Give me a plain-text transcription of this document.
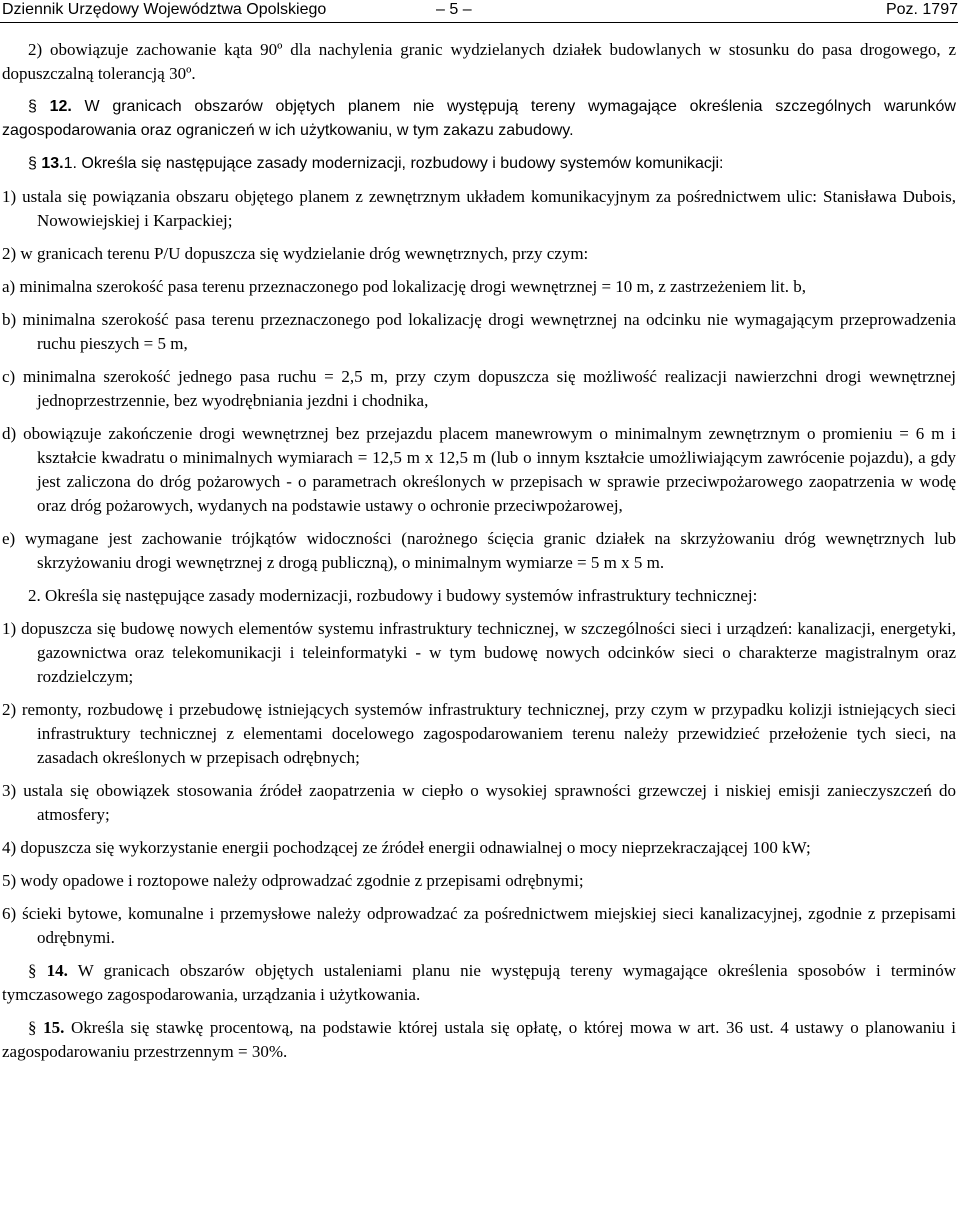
Dziennik Urzędowy Województwa Opolskiego	– 5 –	Poz. 1797

2) obowiązuje zachowanie kąta 90º dla nachylenia granic wydzielanych działek budowlanych w stosunku do pasa drogowego, z dopuszczalną tolerancją 30º.

§ 12. W granicach obszarów objętych planem nie występują tereny wymagające określenia szczególnych warunków zagospodarowania oraz ograniczeń w ich użytkowaniu, w tym zakazu zabudowy.

§ 13.1. Określa się następujące zasady modernizacji, rozbudowy i budowy systemów komunikacji:

1) ustala się powiązania obszaru objętego planem z zewnętrznym układem komunikacyjnym za pośrednictwem ulic: Stanisława Dubois, Nowowiejskiej i Karpackiej;

2) w granicach terenu P/U dopuszcza się wydzielanie dróg wewnętrznych, przy czym:

a) minimalna szerokość pasa terenu przeznaczonego pod lokalizację drogi wewnętrznej = 10 m, z zastrzeżeniem lit. b,

b) minimalna szerokość pasa terenu przeznaczonego pod lokalizację drogi wewnętrznej na odcinku nie wymagającym przeprowadzenia ruchu pieszych = 5 m,

c) minimalna szerokość jednego pasa ruchu = 2,5 m, przy czym dopuszcza się możliwość realizacji nawierzchni drogi wewnętrznej jednoprzestrzennie, bez wyodrębniania jezdni i chodnika,

d) obowiązuje zakończenie drogi wewnętrznej bez przejazdu placem manewrowym o minimalnym zewnętrznym o promieniu = 6 m i kształcie kwadratu o minimalnych wymiarach = 12,5 m x 12,5 m (lub o innym kształcie umożliwiającym zawrócenie pojazdu), a gdy jest zaliczona do dróg pożarowych - o parametrach określonych w przepisach w sprawie przeciwpożarowego zaopatrzenia w wodę oraz dróg pożarowych, wydanych na podstawie ustawy o ochronie przeciwpożarowej,

e) wymagane jest zachowanie trójkątów widoczności (narożnego ścięcia granic działek na skrzyżowaniu dróg wewnętrznych lub skrzyżowaniu drogi wewnętrznej z drogą publiczną), o minimalnym wymiarze = 5 m x 5 m.

2. Określa się następujące zasady modernizacji, rozbudowy i budowy systemów infrastruktury technicznej:

1) dopuszcza się budowę nowych elementów systemu infrastruktury technicznej, w szczególności sieci i urządzeń: kanalizacji, energetyki, gazownictwa oraz telekomunikacji i teleinformatyki - w tym budowę nowych odcinków sieci o charakterze magistralnym oraz rozdzielczym;

2) remonty, rozbudowę i przebudowę istniejących systemów infrastruktury technicznej, przy czym w przypadku kolizji istniejących sieci infrastruktury technicznej z elementami docelowego zagospodarowaniem terenu należy przewidzieć przełożenie tych sieci, na zasadach określonych w przepisach odrębnych;

3) ustala się obowiązek stosowania źródeł zaopatrzenia w ciepło o wysokiej sprawności grzewczej i niskiej emisji zanieczyszczeń do atmosfery;

4) dopuszcza się wykorzystanie energii pochodzącej ze źródeł energii odnawialnej o mocy nieprzekraczającej 100 kW;

5) wody opadowe i roztopowe należy odprowadzać zgodnie z przepisami odrębnymi;

6) ścieki bytowe, komunalne i przemysłowe należy odprowadzać za pośrednictwem miejskiej sieci kanalizacyjnej, zgodnie z przepisami odrębnymi.

§ 14. W granicach obszarów objętych ustaleniami planu nie występują tereny wymagające określenia sposobów i terminów tymczasowego zagospodarowania, urządzania i użytkowania.

§ 15. Określa się stawkę procentową, na podstawie której ustala się opłatę, o której mowa w art. 36 ust. 4 ustawy o planowaniu i zagospodarowaniu przestrzennym = 30%.
